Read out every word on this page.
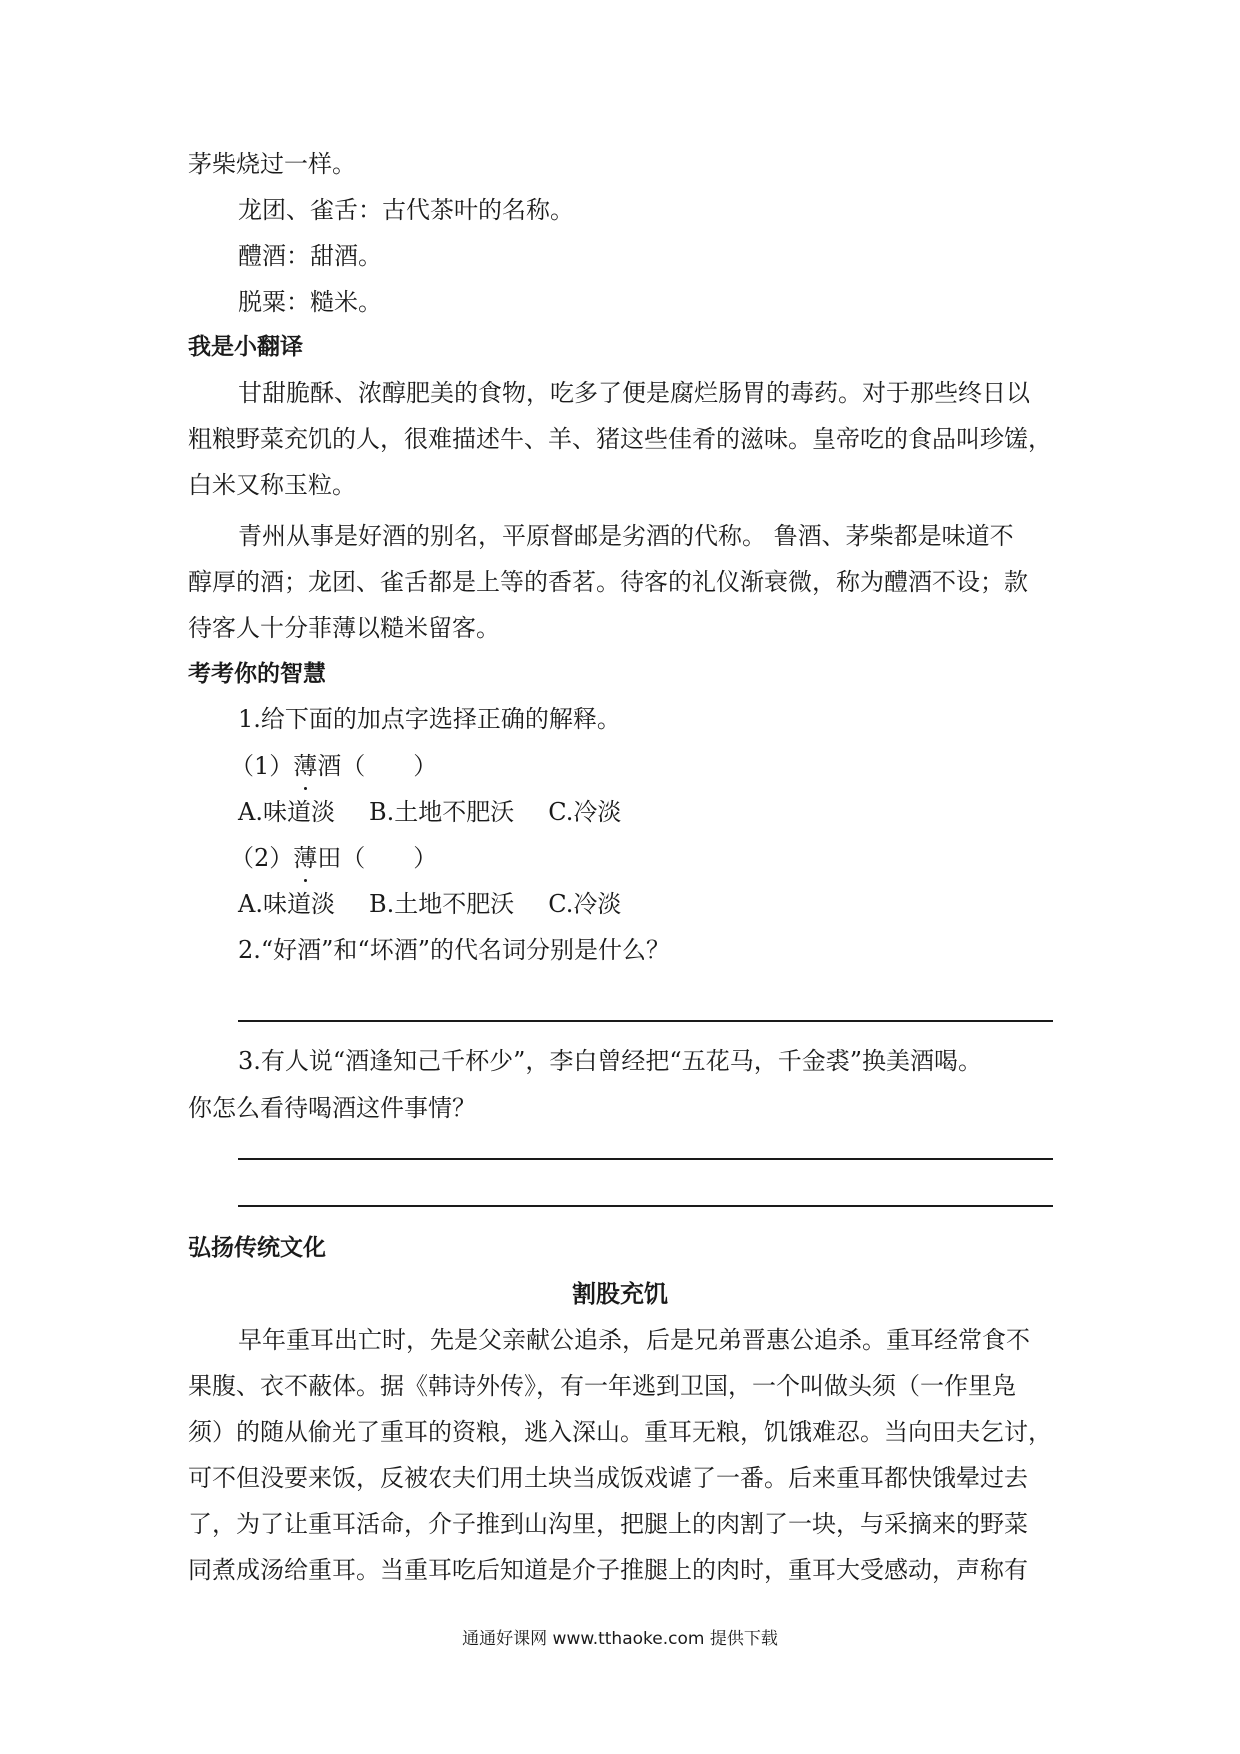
茅柴烧过一样。
龙团、雀舌：古代茶叶的名称。
醴酒：甜酒。
脱粟：糙米。
我是小翻译
甘甜脆酥、浓醇肥美的食物，吃多了便是腐烂肠胃的毒药。对于那些终日以
粗粮野菜充饥的人，很难描述牛、羊、猪这些佳肴的滋味。皇帝吃的食品叫珍馐，
白米又称玉粒。
青州从事是好酒的别名，平原督邮是劣酒的代称。 鲁酒、茅柴都是味道不
醇厚的酒；龙团、雀舌都是上等的香茗。待客的礼仪渐衰微，称为醴酒不设；款
待客人十分菲薄以糙米留客。
考考你的智慧
1.给下面的加点字选择正确的解释。
（1）薄酒（　　）
A.味道淡 B.土地不肥沃 C.冷淡
（2）薄田（　　）
A.味道淡 B.土地不肥沃 C.冷淡
2.“好酒”和“坏酒”的代名词分别是什么？
3.有人说“酒逢知己千杯少”，李白曾经把“五花马，千金裘”换美酒喝。
你怎么看待喝酒这件事情？
弘扬传统文化
割股充饥
早年重耳出亡时，先是父亲献公追杀，后是兄弟晋惠公追杀。重耳经常食不
果腹、衣不蔽体。据《韩诗外传》，有一年逃到卫国，一个叫做头须（一作里凫
须）的随从偷光了重耳的资粮，逃入深山。重耳无粮，饥饿难忍。当向田夫乞讨，
可不但没要来饭，反被农夫们用土块当成饭戏谑了一番。后来重耳都快饿晕过去
了，为了让重耳活命，介子推到山沟里，把腿上的肉割了一块，与采摘来的野菜
同煮成汤给重耳。当重耳吃后知道是介子推腿上的肉时，重耳大受感动，声称有
通通好课网 www.tthaoke.com 提供下载
